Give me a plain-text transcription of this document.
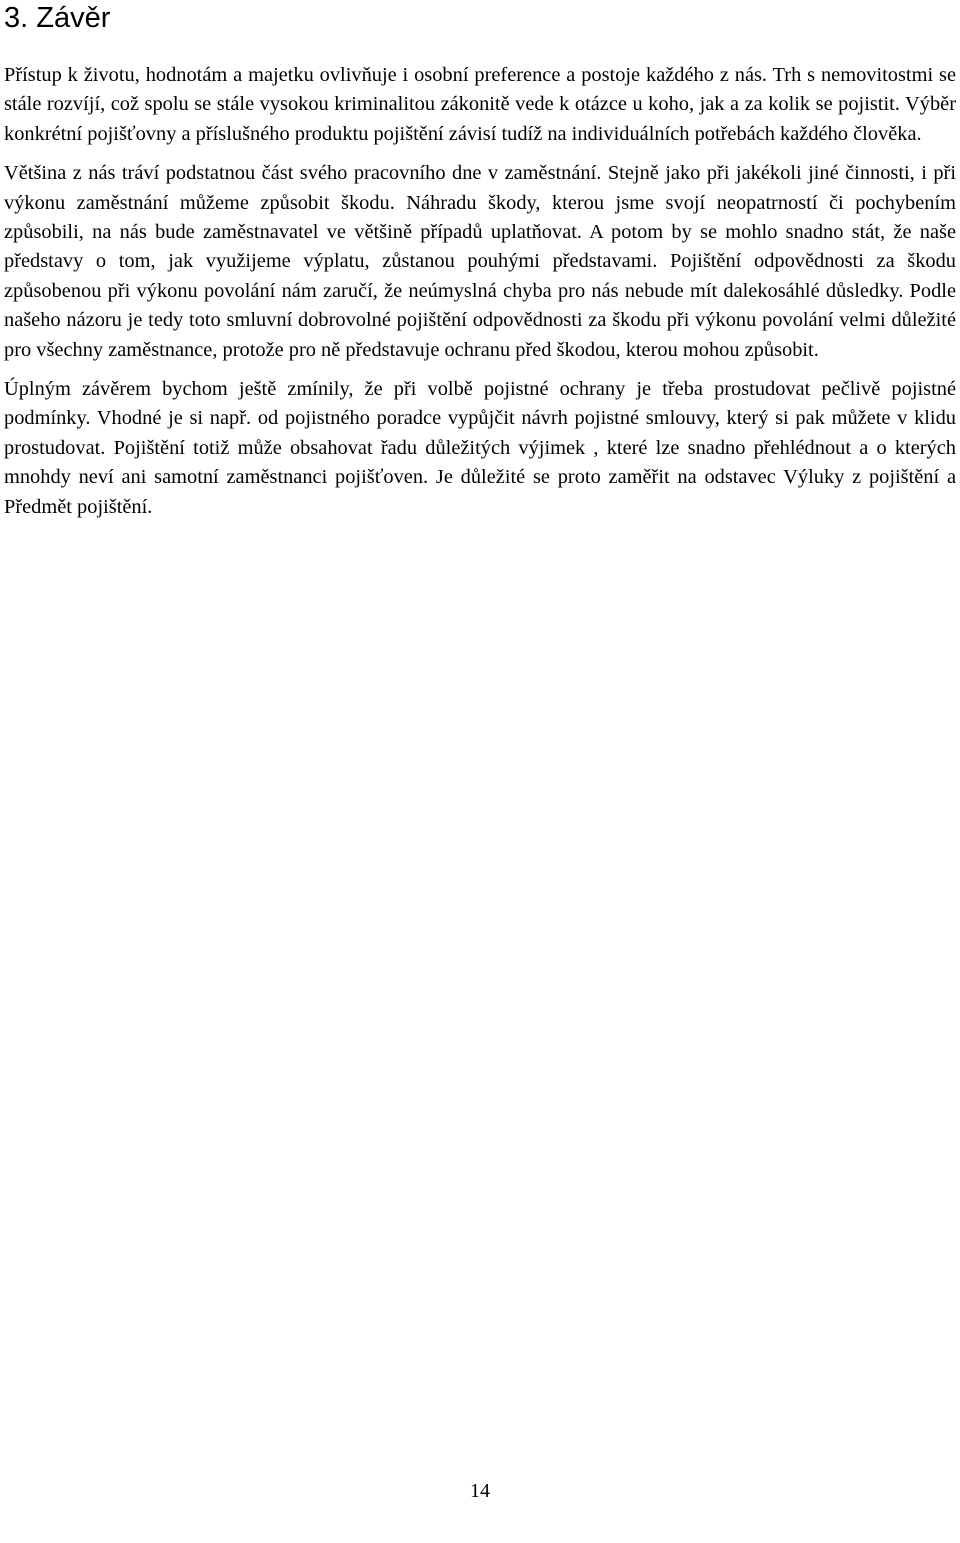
3. Závěr

Přístup k životu, hodnotám a majetku ovlivňuje i osobní preference a postoje každého z nás. Trh s nemovitostmi se stále rozvíjí, což spolu se stále vysokou kriminalitou zákonitě vede k otázce u koho, jak a za kolik se pojistit. Výběr konkrétní pojišťovny a příslušného produktu pojištění závisí tudíž na individuálních potřebách každého člověka.

Většina z nás tráví podstatnou část svého pracovního dne v zaměstnání. Stejně jako při jakékoli jiné činnosti, i při výkonu zaměstnání můžeme způsobit škodu. Náhradu škody, kterou jsme svojí neopatrností či pochybením způsobili, na nás bude zaměstnavatel ve většině případů uplatňovat. A potom by se mohlo snadno stát, že naše představy o tom, jak využijeme výplatu, zůstanou pouhými představami. Pojištění odpovědnosti za škodu způsobenou při výkonu povolání nám zaručí, že neúmyslná chyba pro nás nebude mít dalekosáhlé důsledky. Podle našeho názoru je tedy toto smluvní dobrovolné pojištění odpovědnosti za škodu při výkonu povolání velmi důležité pro všechny zaměstnance, protože pro ně představuje ochranu před škodou, kterou mohou způsobit.

Úplným závěrem bychom ještě zmínily, že při volbě pojistné ochrany je třeba prostudovat pečlivě pojistné podmínky. Vhodné je si např. od pojistného poradce vypůjčit návrh pojistné smlouvy, který si pak můžete v klidu prostudovat. Pojištění totiž může obsahovat řadu důležitých výjimek , které lze snadno přehlédnout a o kterých mnohdy neví ani samotní zaměstnanci pojišťoven. Je důležité se proto zaměřit na odstavec Výluky z pojištění a Předmět pojištění.

14
